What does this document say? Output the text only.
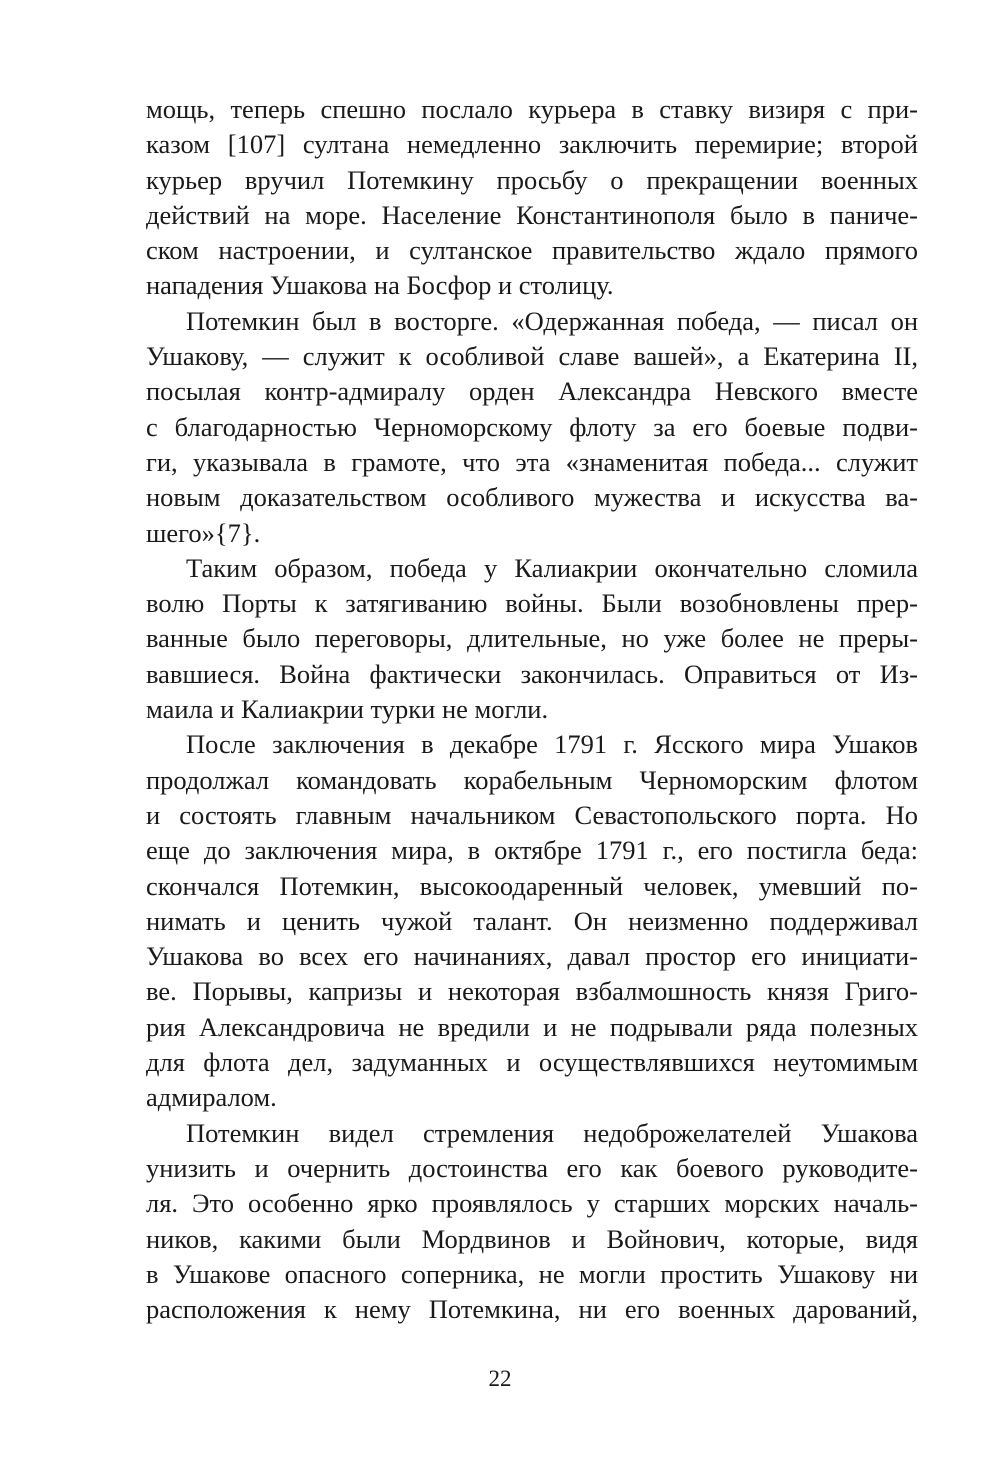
мощь, теперь спешно послало курьера в ставку визиря с при-
казом [107] султана немедленно заключить перемирие; второй
курьер вручил Потемкину просьбу о прекращении военных
действий на море. Население Константинополя было в паниче-
ском настроении, и султанское правительство ждало прямого
нападения Ушакова на Босфор и столицу.
Потемкин был в восторге. «Одержанная победа, — писал он
Ушакову, — служит к особливой славе вашей», а Екатерина II,
посылая контр-адмиралу орден Александра Невского вместе
с благодарностью Черноморскому флоту за его боевые подви-
ги, указывала в грамоте, что эта «знаменитая победа... служит
новым доказательством особливого мужества и искусства ва-
шего»{7}.
Таким образом, победа у Калиакрии окончательно сломила
волю Порты к затягиванию войны. Были возобновлены прер-
ванные было переговоры, длительные, но уже более не преры-
вавшиеся. Война фактически закончилась. Оправиться от Из-
маила и Калиакрии турки не могли.
После заключения в декабре 1791 г. Ясского мира Ушаков
продолжал командовать корабельным Черноморским флотом
и состоять главным начальником Севастопольского порта. Но
еще до заключения мира, в октябре 1791 г., его постигла беда:
скончался Потемкин, высокоодаренный человек, умевший по-
нимать и ценить чужой талант. Он неизменно поддерживал
Ушакова во всех его начинаниях, давал простор его инициати-
ве. Порывы, капризы и некоторая взбалмошность князя Григо-
рия Александровича не вредили и не подрывали ряда полезных
для флота дел, задуманных и осуществлявшихся неутомимым
адмиралом.
Потемкин видел стремления недоброжелателей Ушакова
унизить и очернить достоинства его как боевого руководите-
ля. Это особенно ярко проявлялось у старших морских началь-
ников, какими были Мордвинов и Войнович, которые, видя
в Ушакове опасного соперника, не могли простить Ушакову ни
расположения к нему Потемкина, ни его военных дарований,
22
